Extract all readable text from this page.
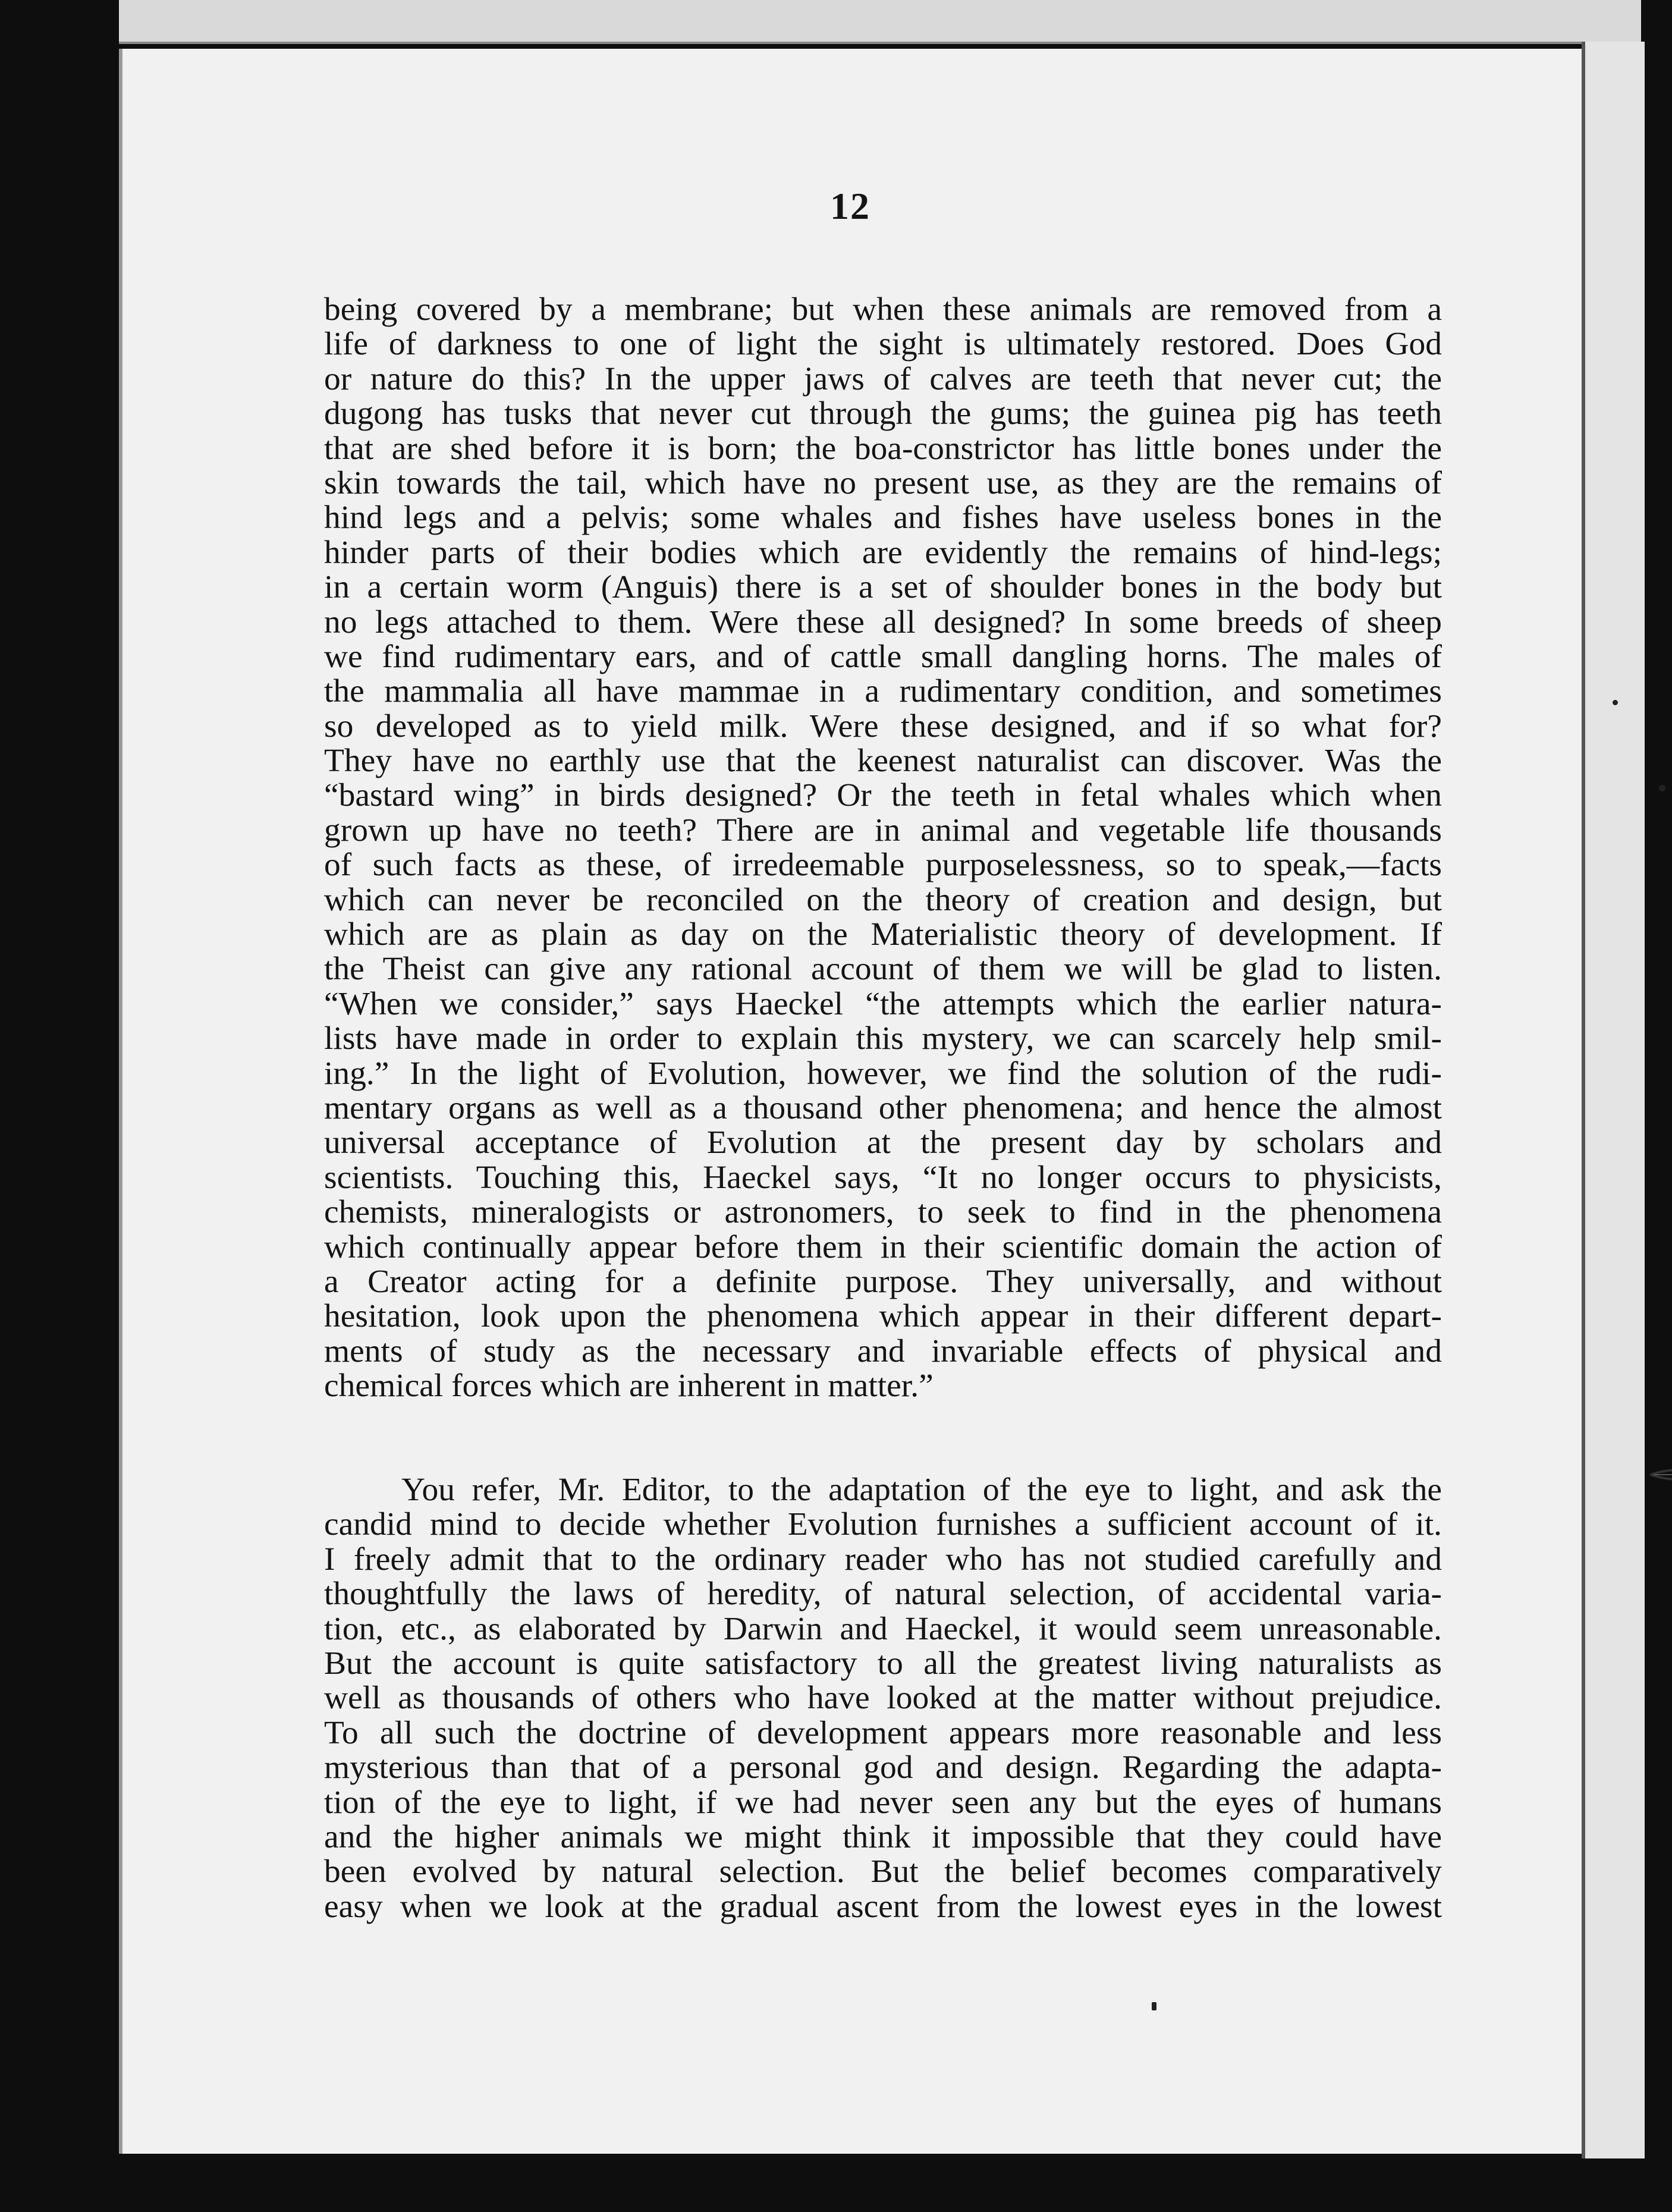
12
being covered by a membrane; but when these animals are removed from a
life of darkness to one of light the sight is ultimately restored. Does God
or nature do this? In the upper jaws of calves are teeth that never cut; the
dugong has tusks that never cut through the gums; the guinea pig has teeth
that are shed before it is born; the boa-constrictor has little bones under the
skin towards the tail, which have no present use, as they are the remains of
hind legs and a pelvis; some whales and fishes have useless bones in the
hinder parts of their bodies which are evidently the remains of hind-legs;
in a certain worm (Anguis) there is a set of shoulder bones in the body but
no legs attached to them. Were these all designed? In some breeds of sheep
we find rudimentary ears, and of cattle small dangling horns. The males of
the mammalia all have mammae in a rudimentary condition, and sometimes
so developed as to yield milk. Were these designed, and if so what for?
They have no earthly use that the keenest naturalist can discover. Was the
“bastard wing” in birds designed? Or the teeth in fetal whales which when
grown up have no teeth? There are in animal and vegetable life thousands
of such facts as these, of irredeemable purposelessness, so to speak,—facts
which can never be reconciled on the theory of creation and design, but
which are as plain as day on the Materialistic theory of development. If
the Theist can give any rational account of them we will be glad to listen.
“When we consider,” says Haeckel “the attempts which the earlier natura-
lists have made in order to explain this mystery, we can scarcely help smil-
ing.” In the light of Evolution, however, we find the solution of the rudi-
mentary organs as well as a thousand other phenomena; and hence the almost
universal acceptance of Evolution at the present day by scholars and
scientists. Touching this, Haeckel says, “It no longer occurs to physicists,
chemists, mineralogists or astronomers, to seek to find in the phenomena
which continually appear before them in their scientific domain the action of
a Creator acting for a definite purpose. They universally, and without
hesitation, look upon the phenomena which appear in their different depart-
ments of study as the necessary and invariable effects of physical and
chemical forces which are inherent in matter.”
You refer, Mr. Editor, to the adaptation of the eye to light, and ask the
candid mind to decide whether Evolution furnishes a sufficient account of it.
I freely admit that to the ordinary reader who has not studied carefully and
thoughtfully the laws of heredity, of natural selection, of accidental varia-
tion, etc., as elaborated by Darwin and Haeckel, it would seem unreasonable.
But the account is quite satisfactory to all the greatest living naturalists as
well as thousands of others who have looked at the matter without prejudice.
To all such the doctrine of development appears more reasonable and less
mysterious than that of a personal god and design. Regarding the adapta-
tion of the eye to light, if we had never seen any but the eyes of humans
and the higher animals we might think it impossible that they could have
been evolved by natural selection. But the belief becomes comparatively
easy when we look at the gradual ascent from the lowest eyes in the lowest
